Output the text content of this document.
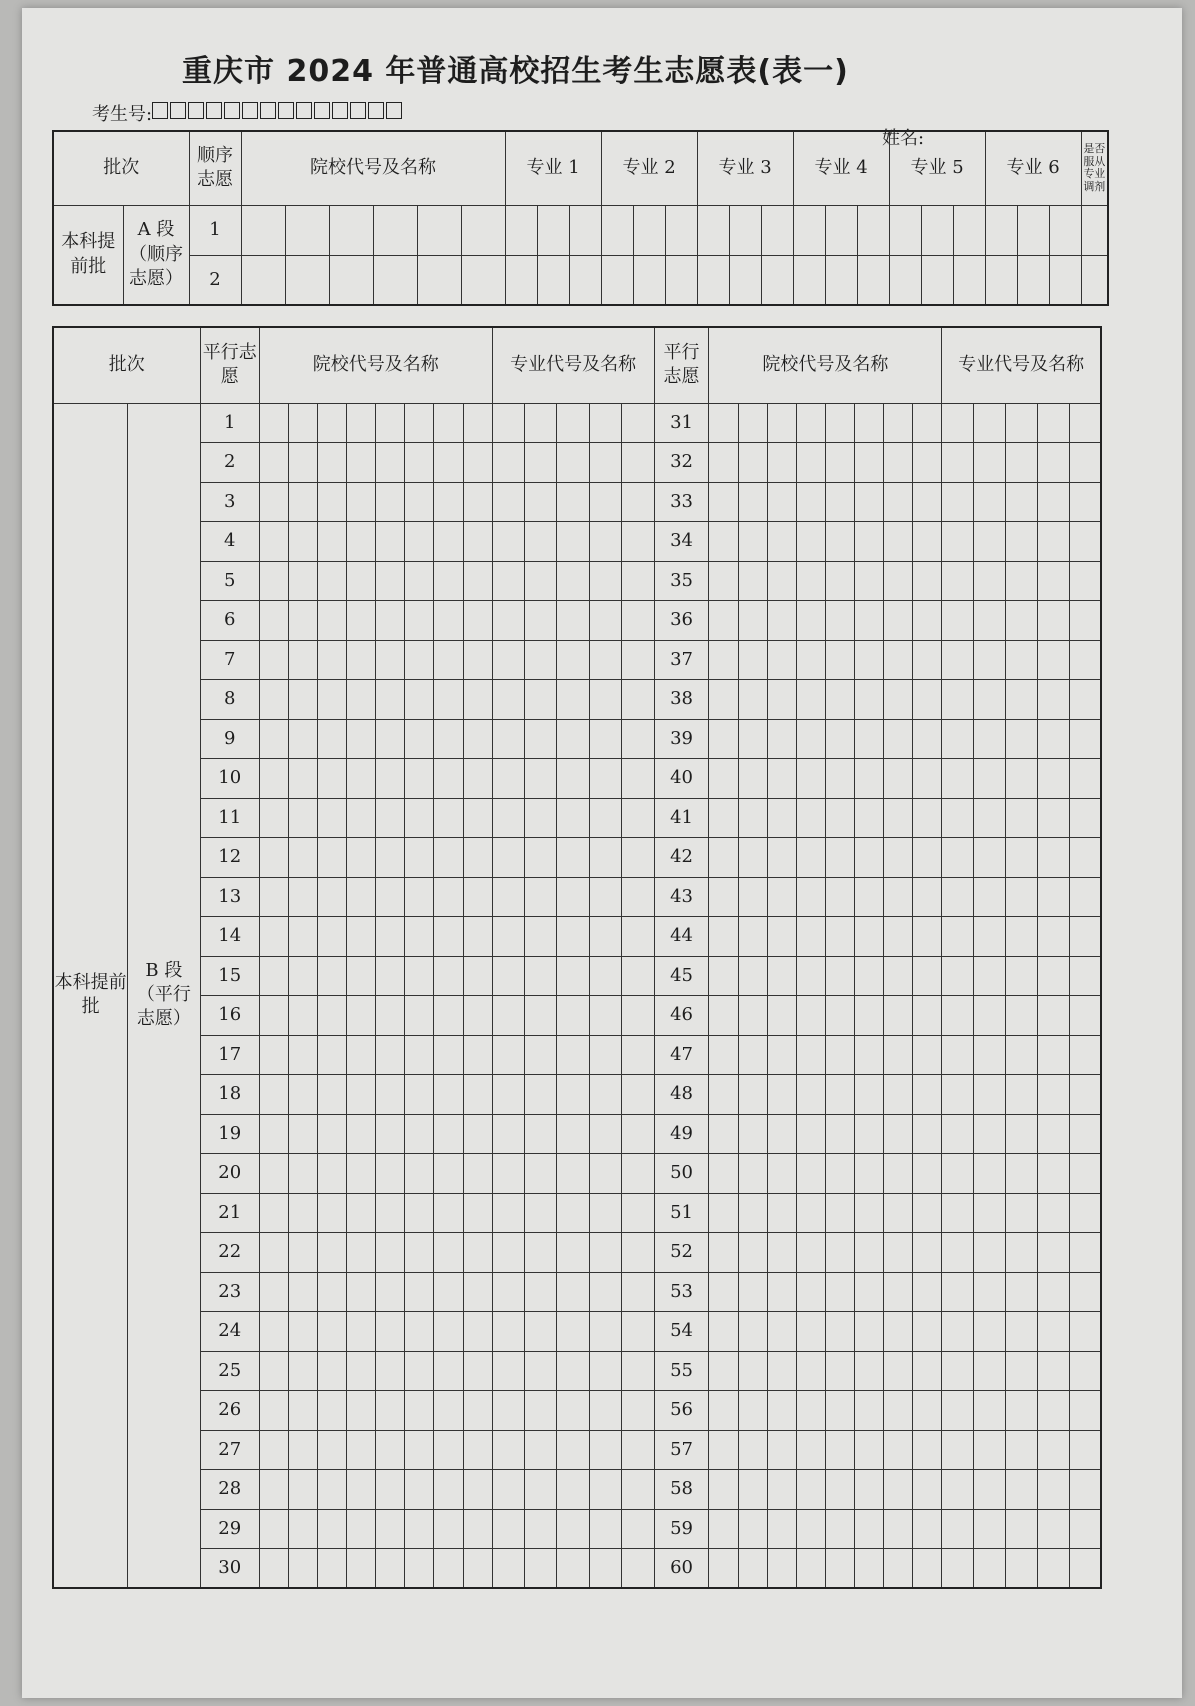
重庆市 2024 年普通高校招生考生志愿表(表一)
考生号:
姓名:
批次		顺序志愿	院校代号及名称						专业 1			专业 2			专业 3			专业 4			专业 5			专业 6			是否服从专业调剂
本科提前批	A 段（顺序志愿）	1																									
		2																									
批次		平行志愿	院校代号及名称								专业代号及名称					平行志愿	院校代号及名称								专业代号及名称				
本科提前批	B 段（平行志愿）	1														31													
		2														32													
		3														33													
		4														34													
		5														35													
		6														36													
		7														37													
		8														38													
		9														39													
		10														40													
		11														41													
		12														42													
		13														43													
		14														44													
		15														45													
		16														46													
		17														47													
		18														48													
		19														49													
		20														50													
		21														51													
		22														52													
		23														53													
		24														54													
		25														55													
		26														56													
		27														57													
		28														58													
		29														59													
		30														60													
